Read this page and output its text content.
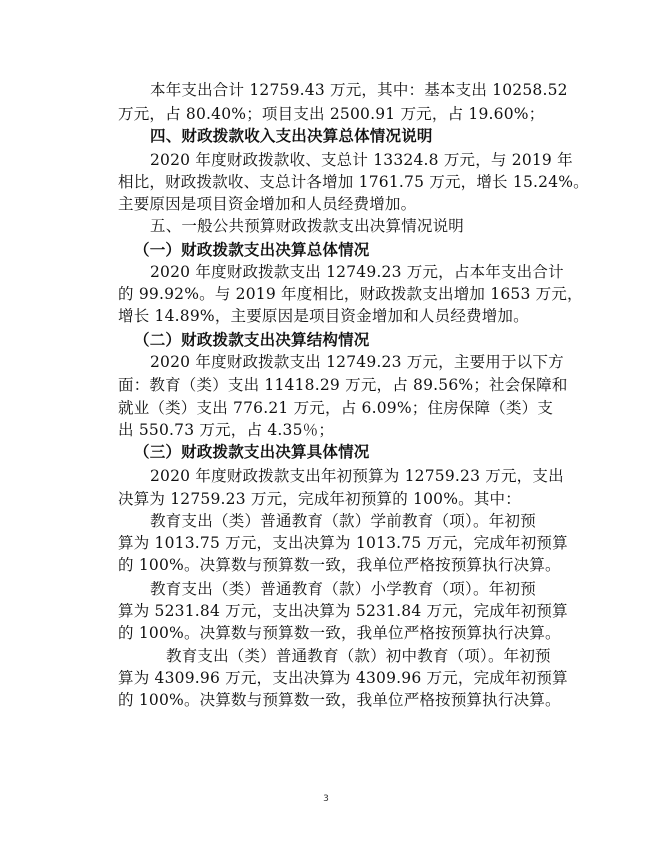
本年支出合计 12759.43 万元，其中：基本支出 10258.52
万元，占 80.40%；项目支出 2500.91 万元，占 19.60%；
四、财政拨款收入支出决算总体情况说明
2020 年度财政拨款收、支总计 13324.8 万元，与 2019 年
相比，财政拨款收、支总计各增加 1761.75 万元，增长 15.24%。
主要原因是项目资金增加和人员经费增加。
五、一般公共预算财政拨款支出决算情况说明
（一）财政拨款支出决算总体情况
2020 年度财政拨款支出 12749.23 万元，占本年支出合计
的 99.92%。与 2019 年度相比，财政拨款支出增加 1653 万元，
增长 14.89%，主要原因是项目资金增加和人员经费增加。
（二）财政拨款支出决算结构情况
2020 年度财政拨款支出 12749.23 万元，主要用于以下方
面：教育（类）支出 11418.29 万元，占 89.56%；社会保障和
就业（类）支出 776.21 万元，占 6.09%；住房保障（类）支
出 550.73 万元，占 4.35％；
（三）财政拨款支出决算具体情况
2020 年度财政拨款支出年初预算为 12759.23 万元，支出
决算为 12759.23 万元，完成年初预算的 100%。其中：
教育支出（类）普通教育（款）学前教育（项）。年初预
算为 1013.75 万元，支出决算为 1013.75 万元，完成年初预算
的 100%。决算数与预算数一致，我单位严格按预算执行决算。
教育支出（类）普通教育（款）小学教育（项）。年初预
算为 5231.84 万元，支出决算为 5231.84 万元，完成年初预算
的 100%。决算数与预算数一致，我单位严格按预算执行决算。
教育支出（类）普通教育（款）初中教育（项）。年初预
算为 4309.96 万元，支出决算为 4309.96 万元，完成年初预算
的 100%。决算数与预算数一致，我单位严格按预算执行决算。
3
